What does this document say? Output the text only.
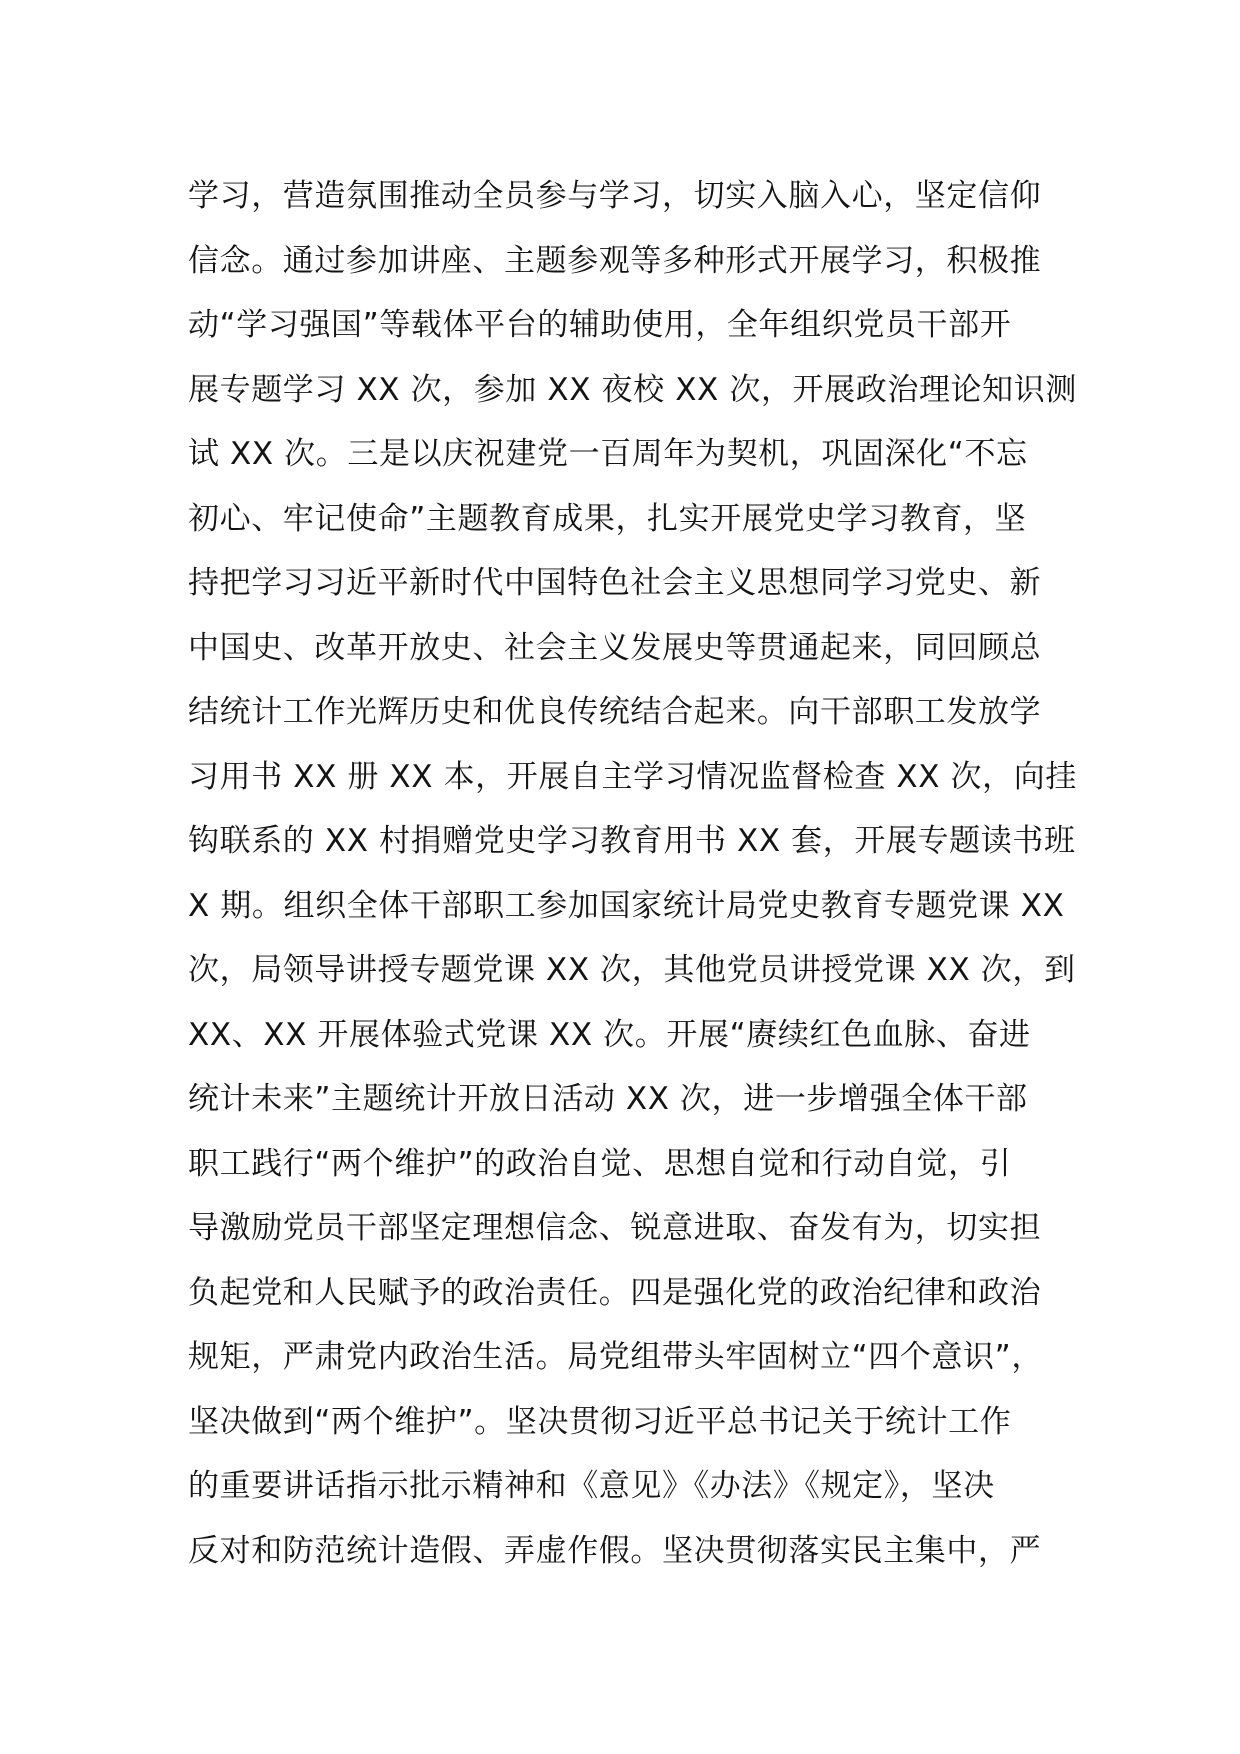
学习，营造氛围推动全员参与学习，切实入脑入心，坚定信仰
信念。通过参加讲座、主题参观等多种形式开展学习，积极推
动“学习强国”等载体平台的辅助使用，全年组织党员干部开
展专题学习 XX 次，参加 XX 夜校 XX 次，开展政治理论知识测
试 XX 次。三是以庆祝建党一百周年为契机，巩固深化“不忘
初心、牢记使命”主题教育成果，扎实开展党史学习教育，坚
持把学习习近平新时代中国特色社会主义思想同学习党史、新
中国史、改革开放史、社会主义发展史等贯通起来，同回顾总
结统计工作光辉历史和优良传统结合起来。向干部职工发放学
习用书 XX 册 XX 本，开展自主学习情况监督检查 XX 次，向挂
钩联系的 XX 村捐赠党史学习教育用书 XX 套，开展专题读书班
X 期。组织全体干部职工参加国家统计局党史教育专题党课 XX
次，局领导讲授专题党课 XX 次，其他党员讲授党课 XX 次，到
XX、XX 开展体验式党课 XX 次。开展“赓续红色血脉、奋进
统计未来”主题统计开放日活动 XX 次，进一步增强全体干部
职工践行“两个维护”的政治自觉、思想自觉和行动自觉，引
导激励党员干部坚定理想信念、锐意进取、奋发有为，切实担
负起党和人民赋予的政治责任。四是强化党的政治纪律和政治
规矩，严肃党内政治生活。局党组带头牢固树立“四个意识”，
坚决做到“两个维护”。坚决贯彻习近平总书记关于统计工作
的重要讲话指示批示精神和《意见》《办法》《规定》，坚决
反对和防范统计造假、弄虚作假。坚决贯彻落实民主集中，严
